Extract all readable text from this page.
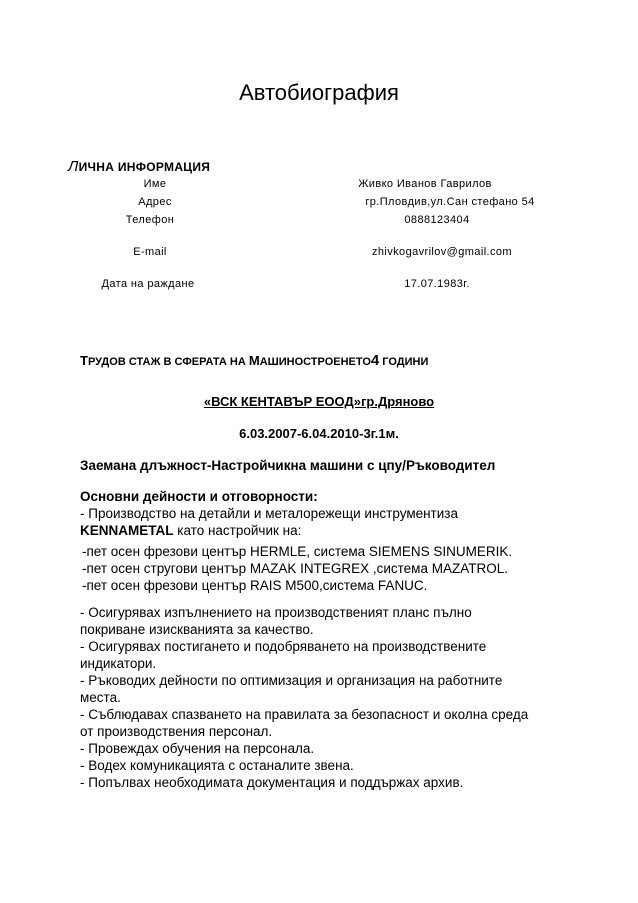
Автобиография
ЛИЧНА ИНФОРМАЦИЯ
Име	Живко Иванов Гаврилов
Адрес	гр.Пловдив,ул.Сан стефано 54
Телефон	0888123404
E-mail	zhivkogavrilov@gmail.com
Дата на раждане	17.07.1983г.
ТРУДОВ СТАЖ В СФЕРАТА НА МАШИНОСТРОЕНЕТО4 ГОДИНИ
«ВСК КЕНТАВЪР ЕООД»гр.Дряново
6.03.2007-6.04.2010-3г.1м.
Заемана длъжност-Настройчикна машини с цпу/Ръководител

Основни дейности и отговорности:

- Производство на детайли и металорежещи инструментиза

KENNAMETAL като настройчик на:

-пет осен фрезови център HERMLE, система SIEMENS SINUMERIK.

-пет осен стругови център MAZAK INTEGREX ,система MAZATROL.

-пет осен фрезови център RAIS M500,система FANUC.

- Осигурявах изпълнението на производственият планс пълно

покриване изискванията за качество.

- Осигурявах постигането и подобряването на производствените

индикатори.

- Ръководих дейности по оптимизация и организация на работните

места.

- Съблюдавах спазването на правилата за безопасност и околна среда

от производствения персонал.

- Провеждах обучения на персонала.

- Водех комуникацията с останалите звена.

- Попълвах необходимата документация и поддържах архив.
